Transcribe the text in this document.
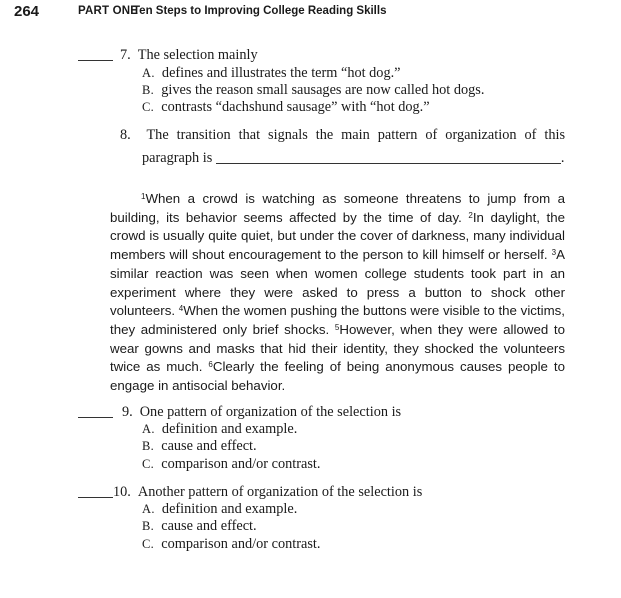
264	PART ONE
Ten Steps to Improving College Reading Skills
7. The selection mainly
A. defines and illustrates the term “hot dog.”
B. gives the reason small sausages are now called hot dogs.
C. contrasts “dachshund sausage” with “hot dog.”
8. The transition that signals the main pattern of organization of this
paragraph is	.

$^1$When a crowd is watching as someone threatens to jump from a building, its behavior seems affected by the time of day. $^2$In daylight, the crowd is usually quite quiet, but under the cover of darkness, many individual members will shout encouragement to the person to kill himself or herself. $^3$A similar reaction was seen when women college students took part in an experiment where they were asked to press a button to shock other volunteers. $^4$When the women pushing the buttons were visible to the victims, they administered only brief shocks. $^5$However, when they were allowed to wear gowns and masks that hid their identity, they shocked the volunteers twice as much. $^6$Clearly the feeling of being anonymous causes people to engage in antisocial behavior.

9. One pattern of organization of the selection is
A. definition and example.
B. cause and effect.
C. comparison and/or contrast.
10. Another pattern of organization of the selection is
A. definition and example.
B. cause and effect.
C. comparison and/or contrast.
